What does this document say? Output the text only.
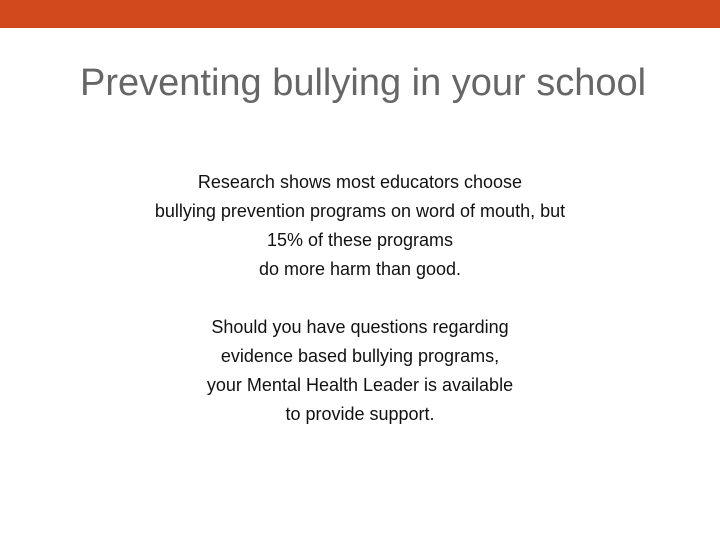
Preventing bullying in your school
Research shows most educators choose
bullying prevention programs on word of mouth, but
15% of these programs
do more harm than good.
Should you have questions regarding
evidence based bullying programs,
your Mental Health Leader is available
to provide support.
